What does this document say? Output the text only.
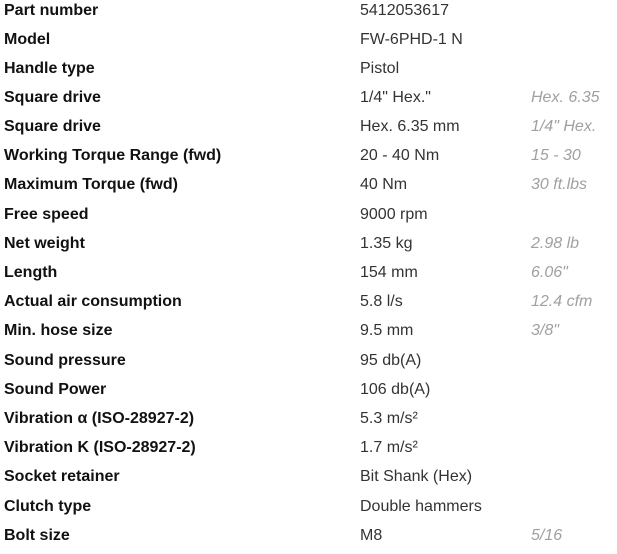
Part number	5412053617
Model	FW-6PHD-1 N
Handle type	Pistol
Square drive	1/4" Hex."	Hex. 6.35
Square drive	Hex. 6.35 mm	1/4" Hex.
Working Torque Range (fwd)	20 - 40 Nm	15 - 30
Maximum Torque (fwd)	40 Nm	30 ft.lbs
Free speed	9000 rpm
Net weight	1.35 kg	2.98 lb
Length	154 mm	6.06"
Actual air consumption	5.8 l/s	12.4 cfm
Min. hose size	9.5 mm	3/8"
Sound pressure	95 db(A)
Sound Power	106 db(A)
Vibration α (ISO-28927-2)	5.3 m/s²
Vibration K (ISO-28927-2)	1.7 m/s²
Socket retainer	Bit Shank (Hex)
Clutch type	Double hammers
Bolt size	M8	5/16
